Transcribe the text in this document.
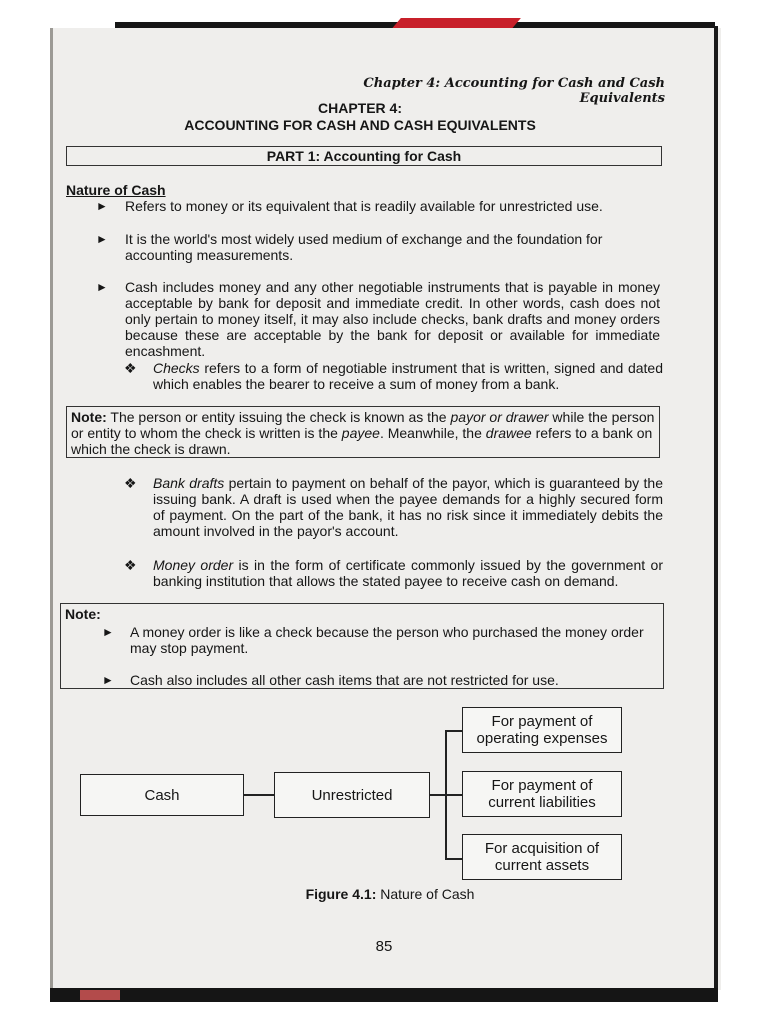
Chapter 4: Accounting for Cash and Cash Equivalents
CHAPTER 4:
ACCOUNTING FOR CASH AND CASH EQUIVALENTS
PART 1: Accounting for Cash
Nature of Cash
► Refers to money or its equivalent that is readily available for unrestricted use.
► It is the world's most widely used medium of exchange and the foundation for accounting measurements.
► Cash includes money and any other negotiable instruments that is payable in money acceptable by bank for deposit and immediate credit. In other words, cash does not only pertain to money itself, it may also include checks, bank drafts and money orders because these are acceptable by the bank for deposit or available for immediate encashment.
❖ Checks refers to a form of negotiable instrument that is written, signed and dated which enables the bearer to receive a sum of money from a bank.
Note: The person or entity issuing the check is known as the payor or drawer while the person or entity to whom the check is written is the payee. Meanwhile, the drawee refers to a bank on which the check is drawn.
❖ Bank drafts pertain to payment on behalf of the payor, which is guaranteed by the issuing bank. A draft is used when the payee demands for a highly secured form of payment. On the part of the bank, it has no risk since it immediately debits the amount involved in the payor's account.
❖ Money order is in the form of certificate commonly issued by the government or banking institution that allows the stated payee to receive cash on demand.
Note:
► A money order is like a check because the person who purchased the money order may stop payment.
► Cash also includes all other cash items that are not restricted for use.
Cash	Unrestricted
For payment of operating expenses
For payment of current liabilities
For acquisition of current assets
Figure 4.1: Nature of Cash
85
